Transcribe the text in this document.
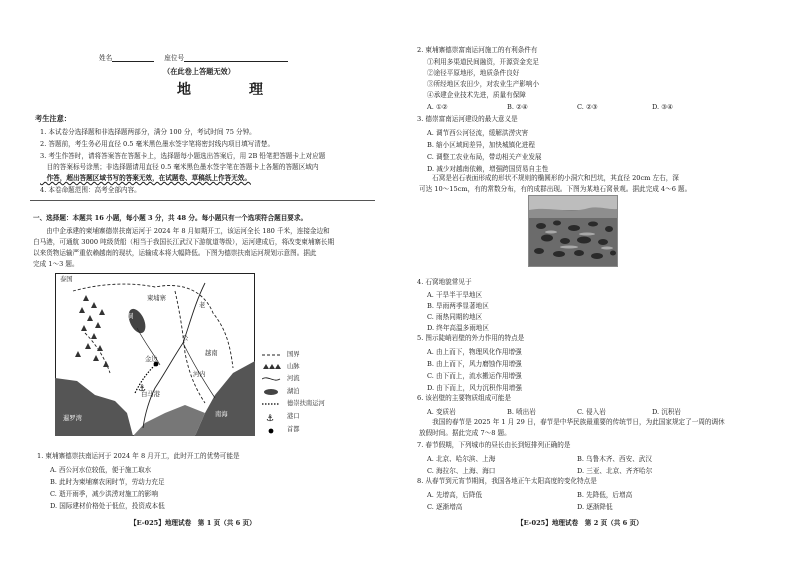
姓名	座位号
（在此卷上答题无效）
地　理
考生注意：
1. 本试卷分选择题和非选择题两部分，满分 100 分，考试时间 75 分钟。
2. 答题前，考生务必用直径 0.5 毫米黑色墨水签字笔将密封线内项目填写清楚。
3. 考生作答时，请将答案答在答题卡上，选择题每小题选出答案后，用 2B 铅笔把答题卡上对应题
　目的答案标号涂黑；非选择题请用直径 0.5 毫米黑色墨水签字笔在答题卡上各题的答题区域内
　作答，超出答题区域书写的答案无效，在试题卷、草稿纸上作答无效。
4. 本卷命题范围：高考全部内容。
一、选择题：本题共 16 小题，每小题 3 分，共 48 分。每小题只有一个选项符合题目要求。
　　由中企承建的柬埔寨德崇扶南运河于 2024 年 8 月如期开工，该运河全长 180 千米，连接金边和
白马港，可通航 3000 吨级货船（相当于我国长江武汉下游航道等级），运河建成后，将改变柬埔寨长期
以来货物运输严重依赖越南的现状，运输成本将大幅降低。下图为德崇扶南运河规划示意图。据此
完成 1～3 题。
⚓
泰国
柬埔寨
老
越南
金边
河内
白马港
暹罗湾
南海
洞
公
⚓
国界
山脉
河流
湖泊
德崇扶南运河
港口
首都
1. 柬埔寨德崇扶南运河于 2024 年 8 月开工，此时开工的优势可能是
A. 西公河水位较低，便于施工取水
B. 此时为柬埔寨农闲时节，劳动力充足
C. 逝开雨季，减少洪涝对施工的影响
D. 国际建材价格处于低位，投资成本低
【E-025】地理试卷　第 1 页（共 6 页）
2. 柬埔寨德崇富南运河施工的有利条件有
①利用多渠道民间融资，开源资金充足
②途径平原地形，地质条件良好
③所经地区农田少，对农业生产影响小
④承建企业技术先进，质量有保障
A. ①②	B. ②④	C. ②③	D. ③④
3. 德崇富南运河建设的最大意义是
A. 调节西公河径流，缓解洪涝灾害
B. 缩小区域间差异，加快城镇化进程
C. 调整工农业布局，带动相关产业发展
D. 减少对越南依赖，增强跨国贸易自主性
　　石窝是岩石表面形成的形状不规则的椭圆形的小洞穴和凹坑，其直径 20cm 左右，深
可达 10～15cm，有的常数分布，有的成群出现。下图为某地石窝景观。据此完成 4～6 题。
4. 石窝地貌常见于
A. 干旱半干旱地区
B. 旱雨两季显著地区
C. 雨热同期的地区
D. 终年高温多雨地区
5. 图示陡峭岩壁的外力作用的特点是
A. 由上而下，物理风化作用增强
B. 由上而下，风力磨蚀作用增强
C. 由下而上，流水搬运作用增强
D. 由下而上，风力沉积作用增强
6. 该岩壁的主要物质组成可能是
A. 变质岩	B. 喷出岩	C. 侵入岩	D. 沉积岩
　　我国的春节是 2025 年 1 月 29 日，春节是中华民族最重要的传统节日，为此国家规定了一周的调休
放假时间。据此完成 7～8 题。
7. 春节假期，下列城市的昼长由长到短排列正确的是
A. 北京、哈尔滨、上海	B. 乌鲁木齐、西安、武汉
C. 海拉尔、上海、海口	D. 三亚、北京、齐齐哈尔
8. 从春节到元宵节期间，我国各地正午太阳高度的变化特点是
A. 先增高，后降低	B. 先降低，后增高
C. 逐渐增高	D. 逐渐降低
【E-025】地理试卷　第 2 页（共 6 页）
